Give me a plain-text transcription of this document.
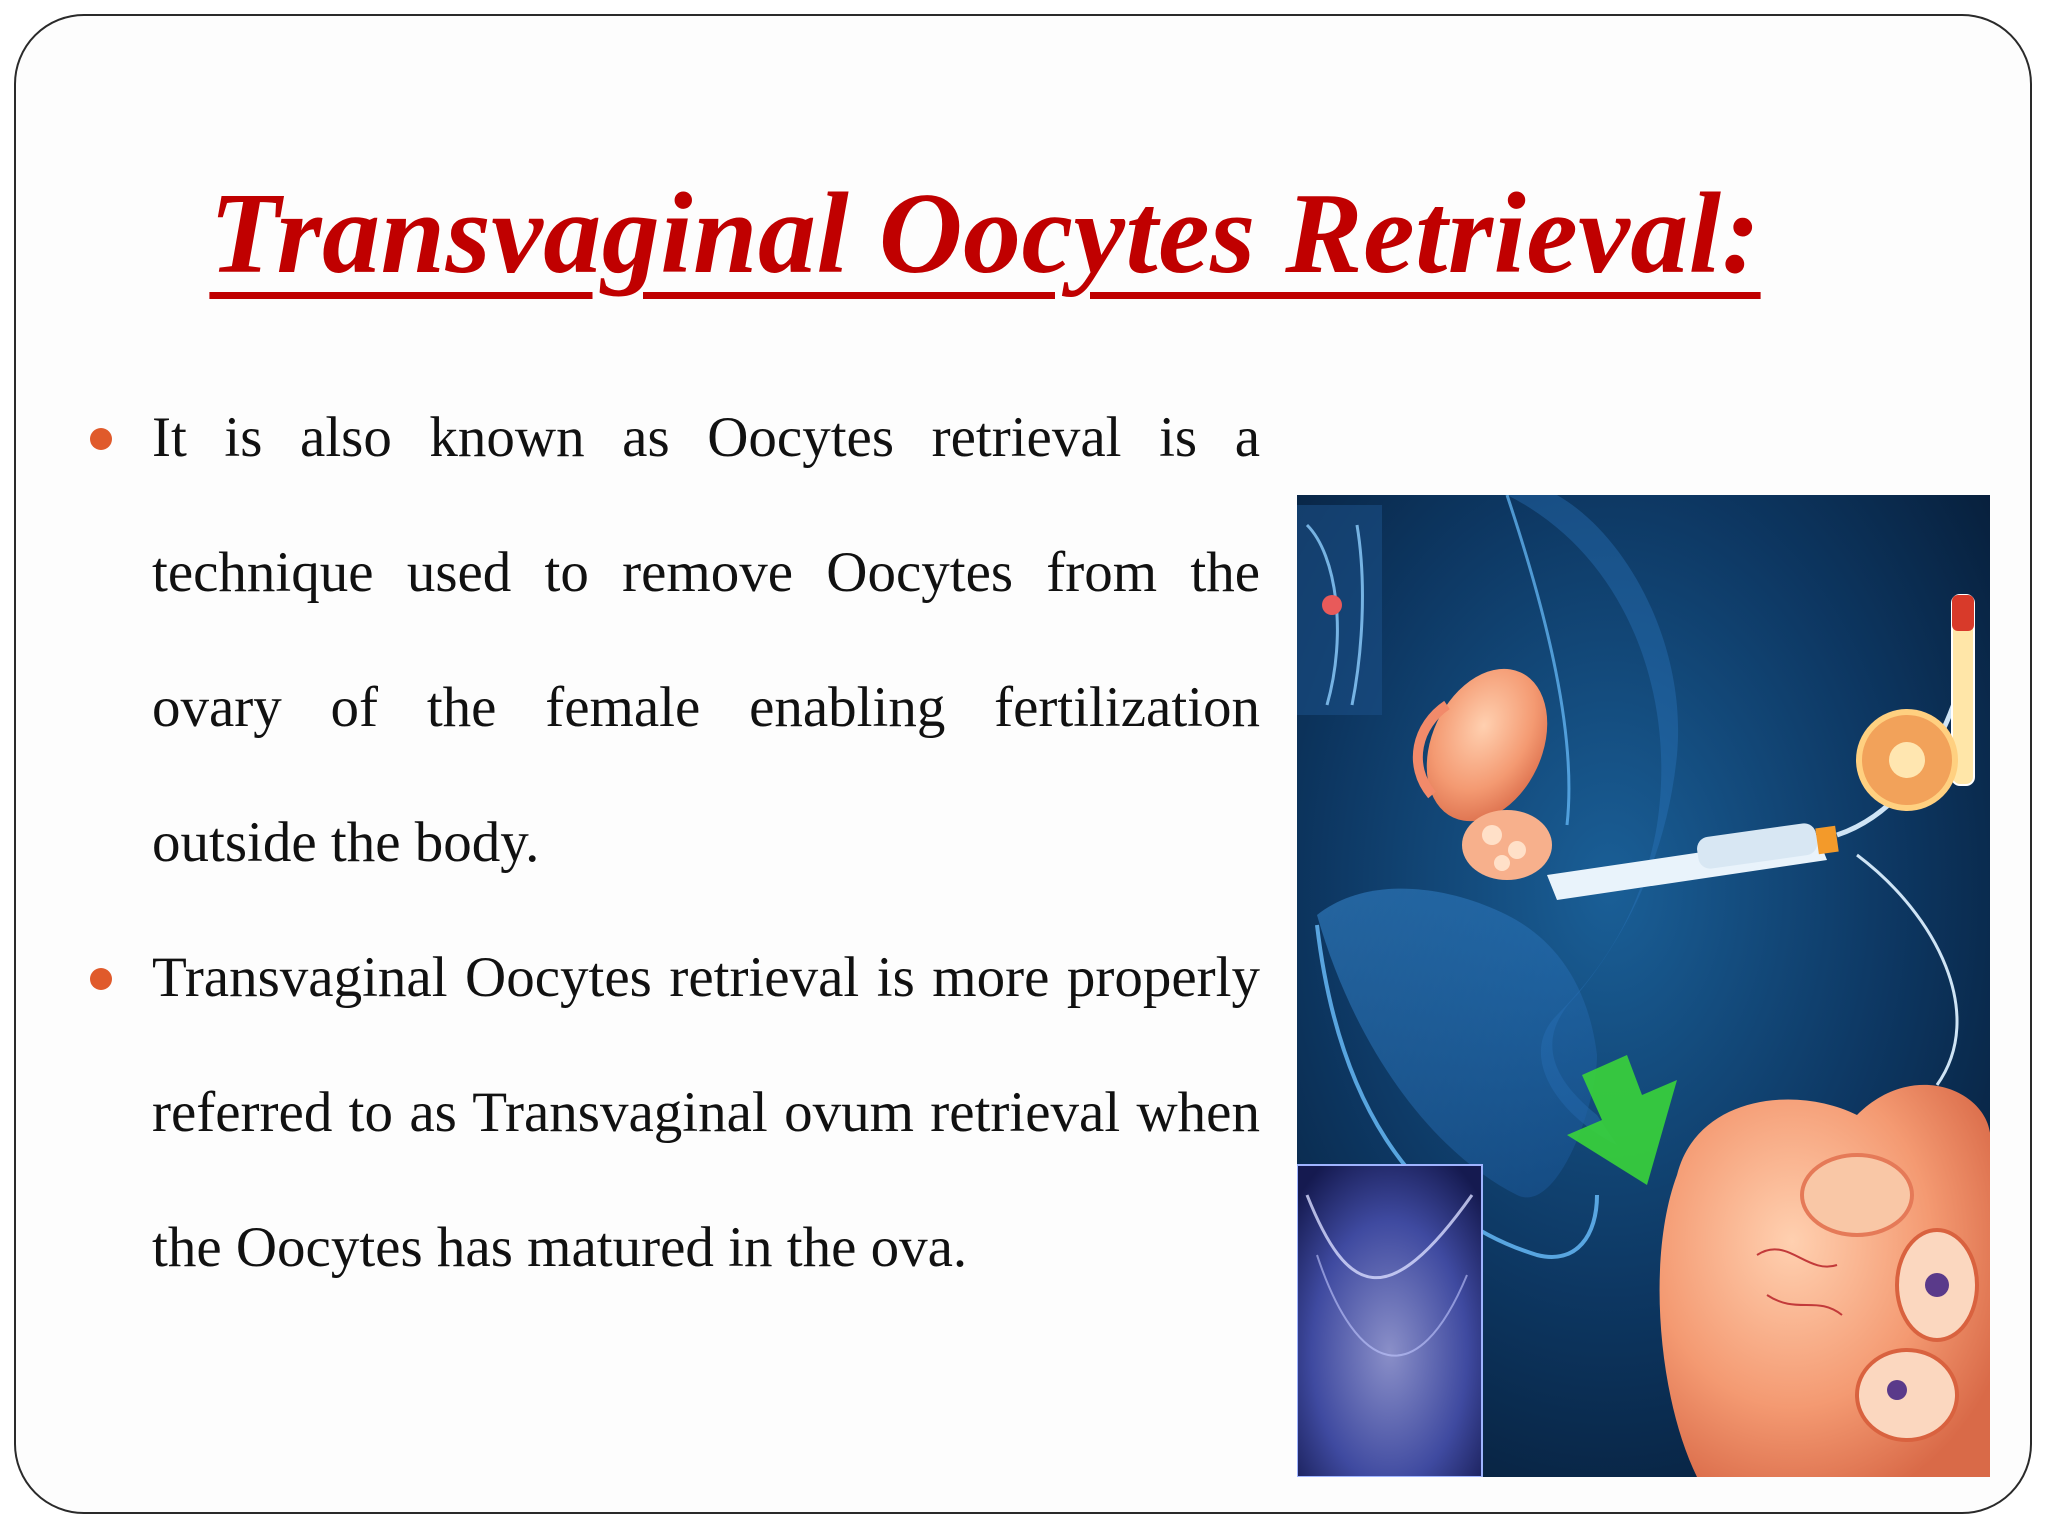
Transvaginal Oocytes Retrieval:
It is also known as Oocytes retrieval is a technique used to remove Oocytes from the ovary of the female enabling fertilization outside the body.
Transvaginal Oocytes retrieval is more properly referred to as Transvaginal ovum retrieval when the Oocytes has matured in the ova.
